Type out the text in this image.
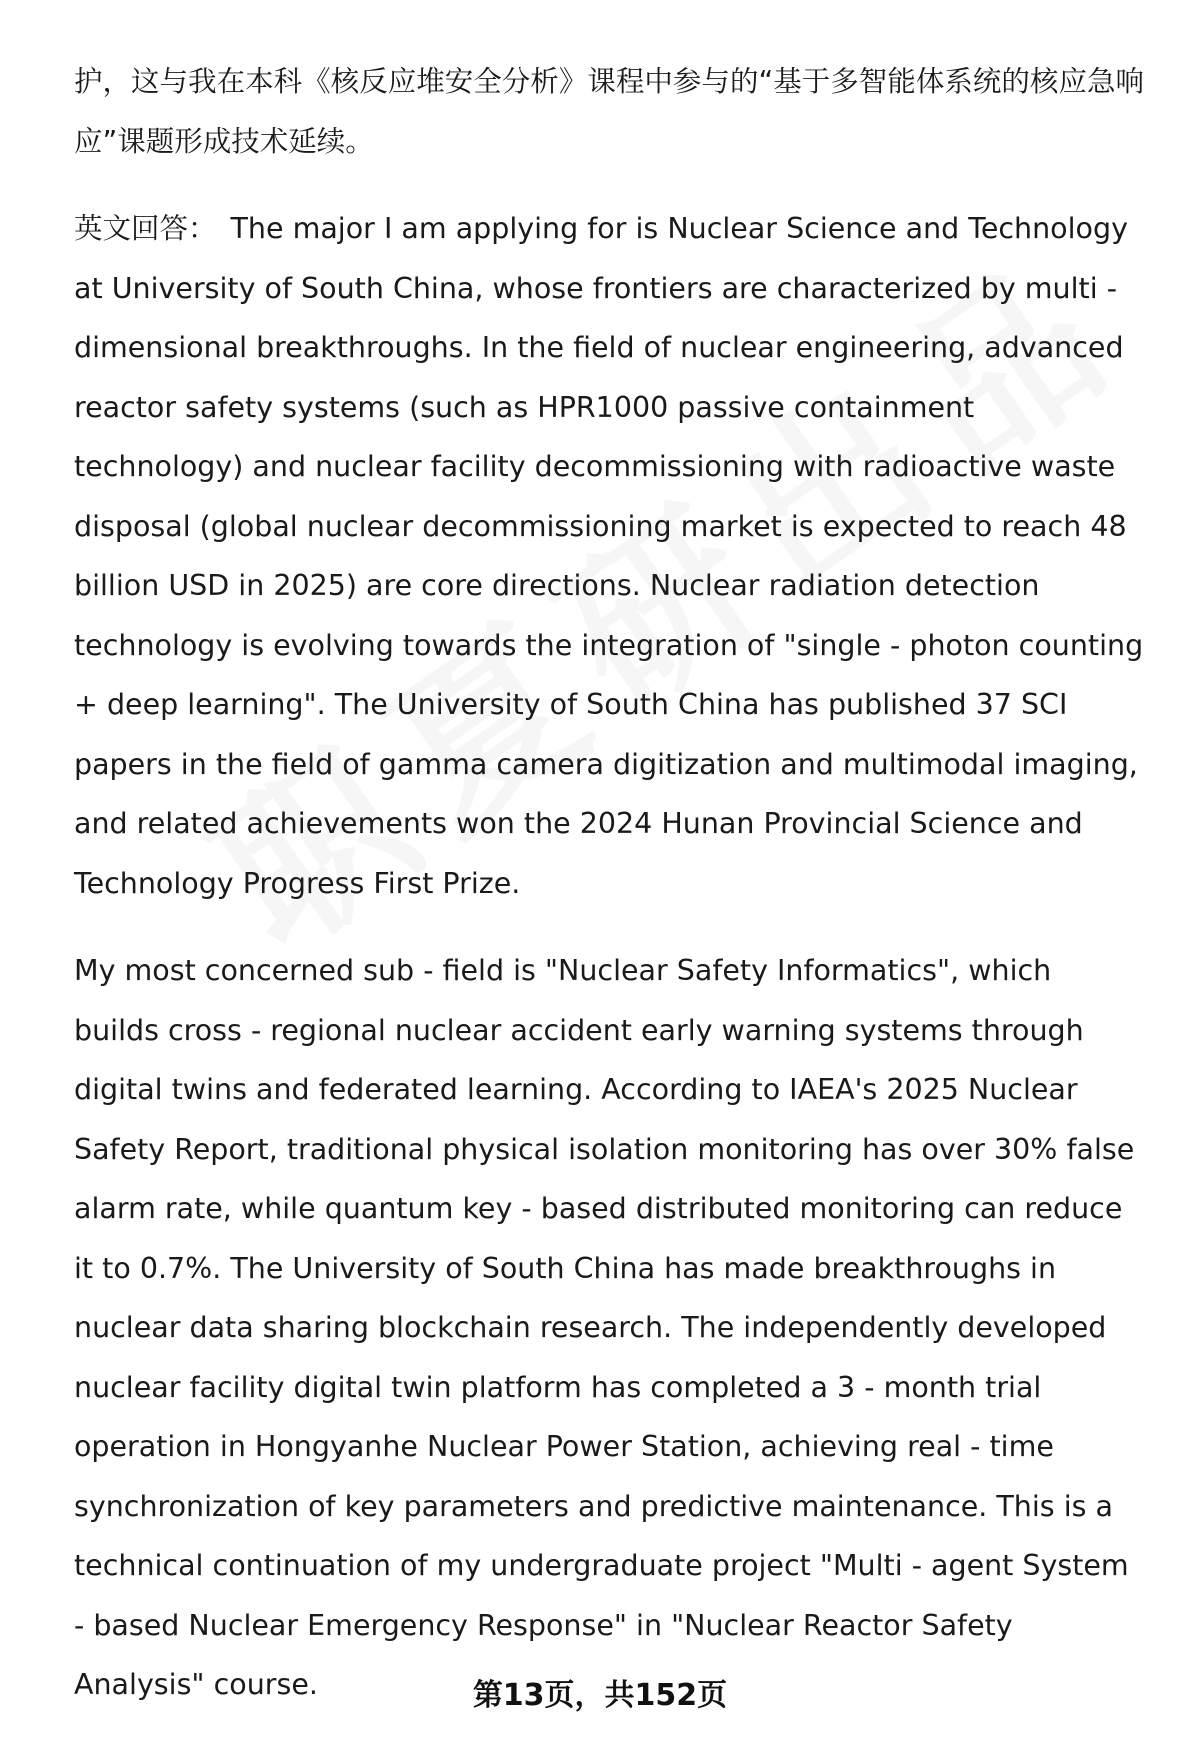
护，这与我在本科《核反应堆安全分析》课程中参与的“基于多智能体系统的核应急响应”课题形成技术延续。

英文回答： The major I am applying for is Nuclear Science and Technology at University of South China, whose frontiers are characterized by multi - dimensional breakthroughs. In the field of nuclear engineering, advanced reactor safety systems (such as HPR1000 passive containment technology) and nuclear facility decommissioning with radioactive waste disposal (global nuclear decommissioning market is expected to reach 48 billion USD in 2025) are core directions. Nuclear radiation detection technology is evolving towards the integration of "single - photon counting + deep learning". The University of South China has published 37 SCI papers in the field of gamma camera digitization and multimodal imaging, and related achievements won the 2024 Hunan Provincial Science and Technology Progress First Prize.

My most concerned sub - field is "Nuclear Safety Informatics", which builds cross - regional nuclear accident early warning systems through digital twins and federated learning. According to IAEA's 2025 Nuclear Safety Report, traditional physical isolation monitoring has over 30% false alarm rate, while quantum key - based distributed monitoring can reduce it to 0.7%. The University of South China has made breakthroughs in nuclear data sharing blockchain research. The independently developed nuclear facility digital twin platform has completed a 3 - month trial operation in Hongyanhe Nuclear Power Station, achieving real - time synchronization of key parameters and predictive maintenance. This is a technical continuation of my undergraduate project "Multi - agent System - based Nuclear Emergency Response" in "Nuclear Reactor Safety Analysis" course.	第13页，共152页
